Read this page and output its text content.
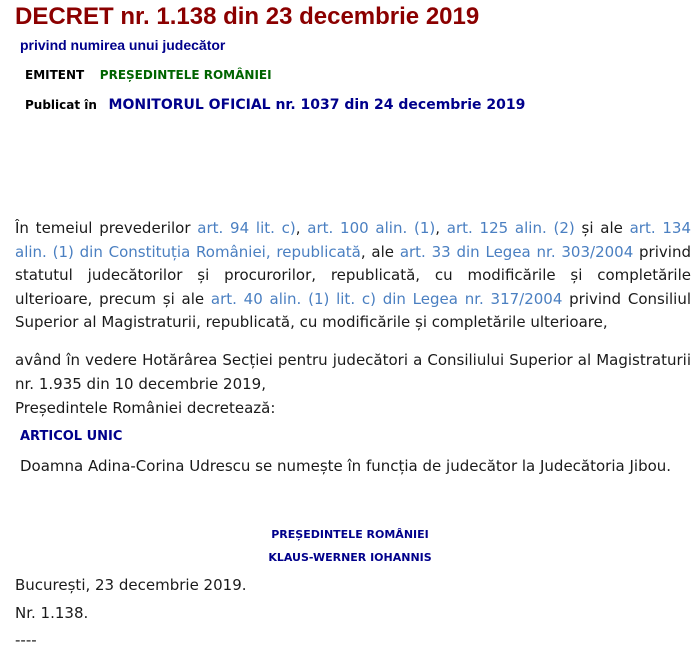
DECRET nr. 1.138 din 23 decembrie 2019
privind numirea unui judecător
EMITENT PREȘEDINTELE ROMÂNIEI
Publicat în MONITORUL OFICIAL nr. 1037 din 24 decembrie 2019

În temeiul prevederilor art. 94 lit. c), art. 100 alin. (1), art. 125 alin. (2) și ale art. 134 alin. (1) din Constituția României, republicată, ale art. 33 din Legea nr. 303/2004 privind statutul judecătorilor și procurorilor, republicată, cu modificările și completările ulterioare, precum și ale art. 40 alin. (1) lit. c) din Legea nr. 317/2004 privind Consiliul Superior al Magistraturii, republicată, cu modificările și completările ulterioare,

având în vedere Hotărârea Secției pentru judecători a Consiliului Superior al Magistraturii nr. 1.935 din 10 decembrie 2019,

Președintele României decretează:

ARTICOL UNIC

Doamna Adina-Corina Udrescu se numește în funcția de judecător la Judecătoria Jibou.

PREȘEDINTELE ROMÂNIEI
KLAUS-WERNER IOHANNIS

București, 23 decembrie 2019.

Nr. 1.138.

----
